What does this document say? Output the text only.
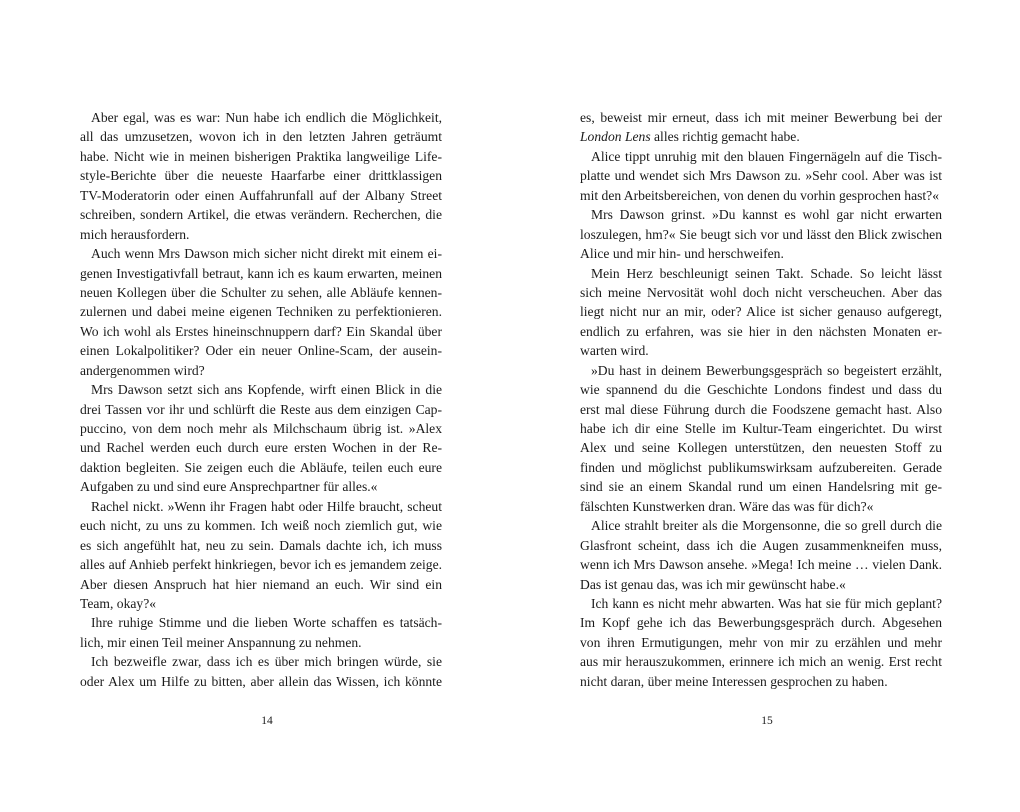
Aber egal, was es war: Nun habe ich endlich die Möglichkeit,
all das umzusetzen, wovon ich in den letzten Jahren geträumt
habe. Nicht wie in meinen bisherigen Praktika langweilige Life-
style-Berichte über die neueste Haarfarbe einer drittklassigen
TV-Moderatorin oder einen Auffahrunfall auf der Albany Street
schreiben, sondern Artikel, die etwas verändern. Recherchen, die
mich herausfordern.
Auch wenn Mrs Dawson mich sicher nicht direkt mit einem ei-
genen Investigativfall betraut, kann ich es kaum erwarten, meinen
neuen Kollegen über die Schulter zu sehen, alle Abläufe kennen-
zulernen und dabei meine eigenen Techniken zu perfektionieren.
Wo ich wohl als Erstes hineinschnuppern darf? Ein Skandal über
einen Lokalpolitiker? Oder ein neuer Online-Scam, der ausein-
andergenommen wird?
Mrs Dawson setzt sich ans Kopfende, wirft einen Blick in die
drei Tassen vor ihr und schlürft die Reste aus dem einzigen Cap-
puccino, von dem noch mehr als Milchschaum übrig ist. »Alex
und Rachel werden euch durch eure ersten Wochen in der Re-
daktion begleiten. Sie zeigen euch die Abläufe, teilen euch eure
Aufgaben zu und sind eure Ansprechpartner für alles.«
Rachel nickt. »Wenn ihr Fragen habt oder Hilfe braucht, scheut
euch nicht, zu uns zu kommen. Ich weiß noch ziemlich gut, wie
es sich angefühlt hat, neu zu sein. Damals dachte ich, ich muss
alles auf Anhieb perfekt hinkriegen, bevor ich es jemandem zeige.
Aber diesen Anspruch hat hier niemand an euch. Wir sind ein
Team, okay?«
Ihre ruhige Stimme und die lieben Worte schaffen es tatsäch-
lich, mir einen Teil meiner Anspannung zu nehmen.
Ich bezweifle zwar, dass ich es über mich bringen würde, sie
oder Alex um Hilfe zu bitten, aber allein das Wissen, ich könnte
es, beweist mir erneut, dass ich mit meiner Bewerbung bei der
London Lens alles richtig gemacht habe.
Alice tippt unruhig mit den blauen Fingernägeln auf die Tisch-
platte und wendet sich Mrs Dawson zu. »Sehr cool. Aber was ist
mit den Arbeitsbereichen, von denen du vorhin gesprochen hast?«
Mrs Dawson grinst. »Du kannst es wohl gar nicht erwarten
loszulegen, hm?« Sie beugt sich vor und lässt den Blick zwischen
Alice und mir hin- und herschweifen.
Mein Herz beschleunigt seinen Takt. Schade. So leicht lässt
sich meine Nervosität wohl doch nicht verscheuchen. Aber das
liegt nicht nur an mir, oder? Alice ist sicher genauso aufgeregt,
endlich zu erfahren, was sie hier in den nächsten Monaten er-
warten wird.
»Du hast in deinem Bewerbungsgespräch so begeistert erzählt,
wie spannend du die Geschichte Londons findest und dass du
erst mal diese Führung durch die Foodszene gemacht hast. Also
habe ich dir eine Stelle im Kultur-Team eingerichtet. Du wirst
Alex und seine Kollegen unterstützen, den neuesten Stoff zu
finden und möglichst publikumswirksam aufzubereiten. Gerade
sind sie an einem Skandal rund um einen Handelsring mit ge-
fälschten Kunstwerken dran. Wäre das was für dich?«
Alice strahlt breiter als die Morgensonne, die so grell durch die
Glasfront scheint, dass ich die Augen zusammenkneifen muss,
wenn ich Mrs Dawson ansehe. »Mega! Ich meine … vielen Dank.
Das ist genau das, was ich mir gewünscht habe.«
Ich kann es nicht mehr abwarten. Was hat sie für mich geplant?
Im Kopf gehe ich das Bewerbungsgespräch durch. Abgesehen
von ihren Ermutigungen, mehr von mir zu erzählen und mehr
aus mir herauszukommen, erinnere ich mich an wenig. Erst recht
nicht daran, über meine Interessen gesprochen zu haben.
14	15
